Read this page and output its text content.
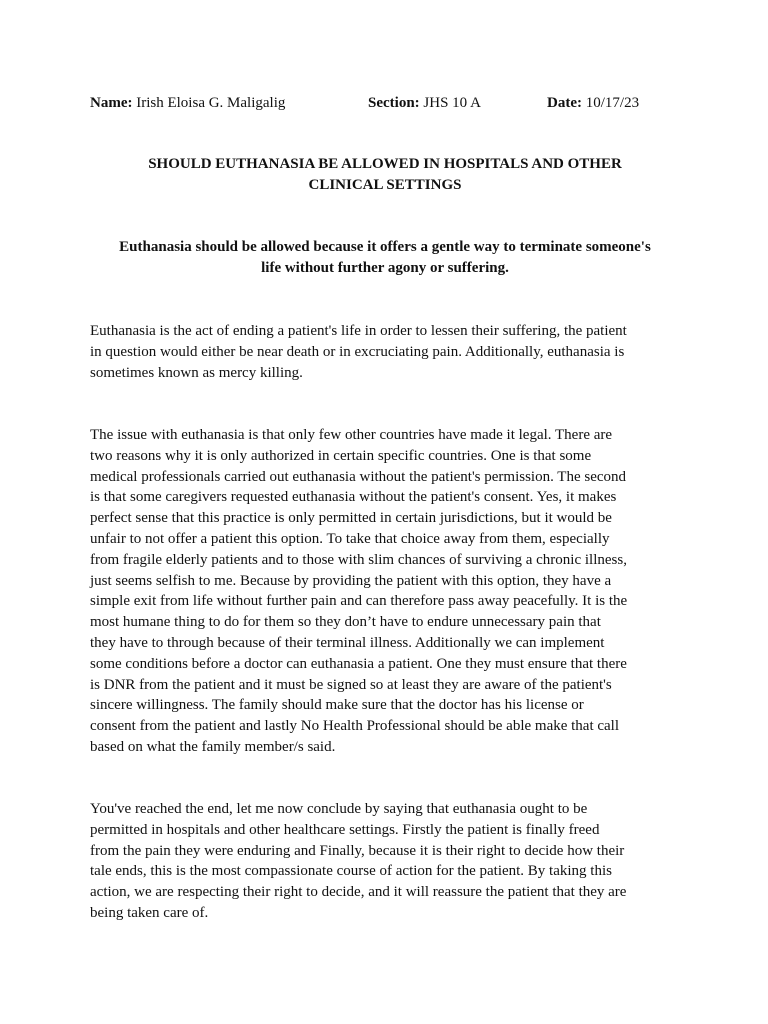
Name: Irish Eloisa G. Maligalig	Section: JHS 10 A	Date: 10/17/23
SHOULD EUTHANASIA BE ALLOWED IN HOSPITALS AND OTHER
CLINICAL SETTINGS
Euthanasia should be allowed because it offers a gentle way to terminate someone's
life without further agony or suffering.
Euthanasia is the act of ending a patient's life in order to lessen their suffering, the patient
in question would either be near death or in excruciating pain. Additionally, euthanasia is
sometimes known as mercy killing.
The issue with euthanasia is that only few other countries have made it legal. There are
two reasons why it is only authorized in certain specific countries. One is that some
medical professionals carried out euthanasia without the patient's permission. The second
is that some caregivers requested euthanasia without the patient's consent. Yes, it makes
perfect sense that this practice is only permitted in certain jurisdictions, but it would be
unfair to not offer a patient this option. To take that choice away from them, especially
from fragile elderly patients and to those with slim chances of surviving a chronic illness,
just seems selfish to me. Because by providing the patient with this option, they have a
simple exit from life without further pain and can therefore pass away peacefully. It is the
most humane thing to do for them so they don’t have to endure unnecessary pain that
they have to through because of their terminal illness. Additionally we can implement
some conditions before a doctor can euthanasia a patient. One they must ensure that there
is DNR from the patient and it must be signed so at least they are aware of the patient's
sincere willingness. The family should make sure that the doctor has his license or
consent from the patient and lastly No Health Professional should be able make that call
based on what the family member/s said.
You've reached the end, let me now conclude by saying that euthanasia ought to be
permitted in hospitals and other healthcare settings. Firstly the patient is finally freed
from the pain they were enduring and Finally, because it is their right to decide how their
tale ends, this is the most compassionate course of action for the patient. By taking this
action, we are respecting their right to decide, and it will reassure the patient that they are
being taken care of.
